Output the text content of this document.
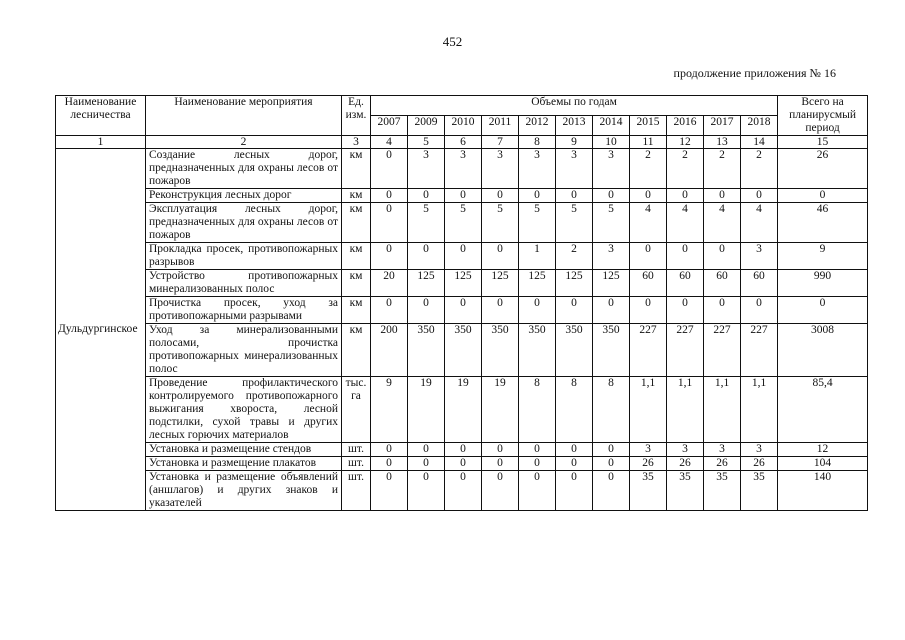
452
продолжение приложения № 16
Наименование лесничества	Наименование мероприятия	Ед. изм.	Объемы по годам											Всего на планирусмый период
			2007	2009	2010	2011	2012	2013	2014	2015	2016	2017	2018	
1	2	3	4	5	6	7	8	9	10	11	12	13	14	15
Дульдургинское	Создание лесных дорог, предназначенных для охраны лесов от пожаров	км	0	3	3	3	3	3	3	2	2	2	2	26
	Реконструкция лесных дорог	км	0	0	0	0	0	0	0	0	0	0	0	0
	Эксплуатация лесных дорог, предназначенных для охраны лесов от пожаров	км	0	5	5	5	5	5	5	4	4	4	4	46
	Прокладка просек, противопожарных разрывов	км	0	0	0	0	1	2	3	0	0	0	3	9
	Устройство противопожарных минерализованных полос	км	20	125	125	125	125	125	125	60	60	60	60	990
	Прочистка просек, уход за противопожарными разрывами	км	0	0	0	0	0	0	0	0	0	0	0	0
	Уход за минерализованными полосами, прочистка противопожарных минерализованных полос	км	200	350	350	350	350	350	350	227	227	227	227	3008
	Проведение профилактического контролируемого противопожарного выжигания хвороста, лесной подстилки, сухой травы и других лесных горючих материалов	тыс. га	9	19	19	19	8	8	8	1,1	1,1	1,1	1,1	85,4
	Установка и размещение стендов	шт.	0	0	0	0	0	0	0	3	3	3	3	12
	Установка и размещение плакатов	шт.	0	0	0	0	0	0	0	26	26	26	26	104
	Установка и размещение объявлений (аншлагов) и других знаков и указателей	шт.	0	0	0	0	0	0	0	35	35	35	35	140
